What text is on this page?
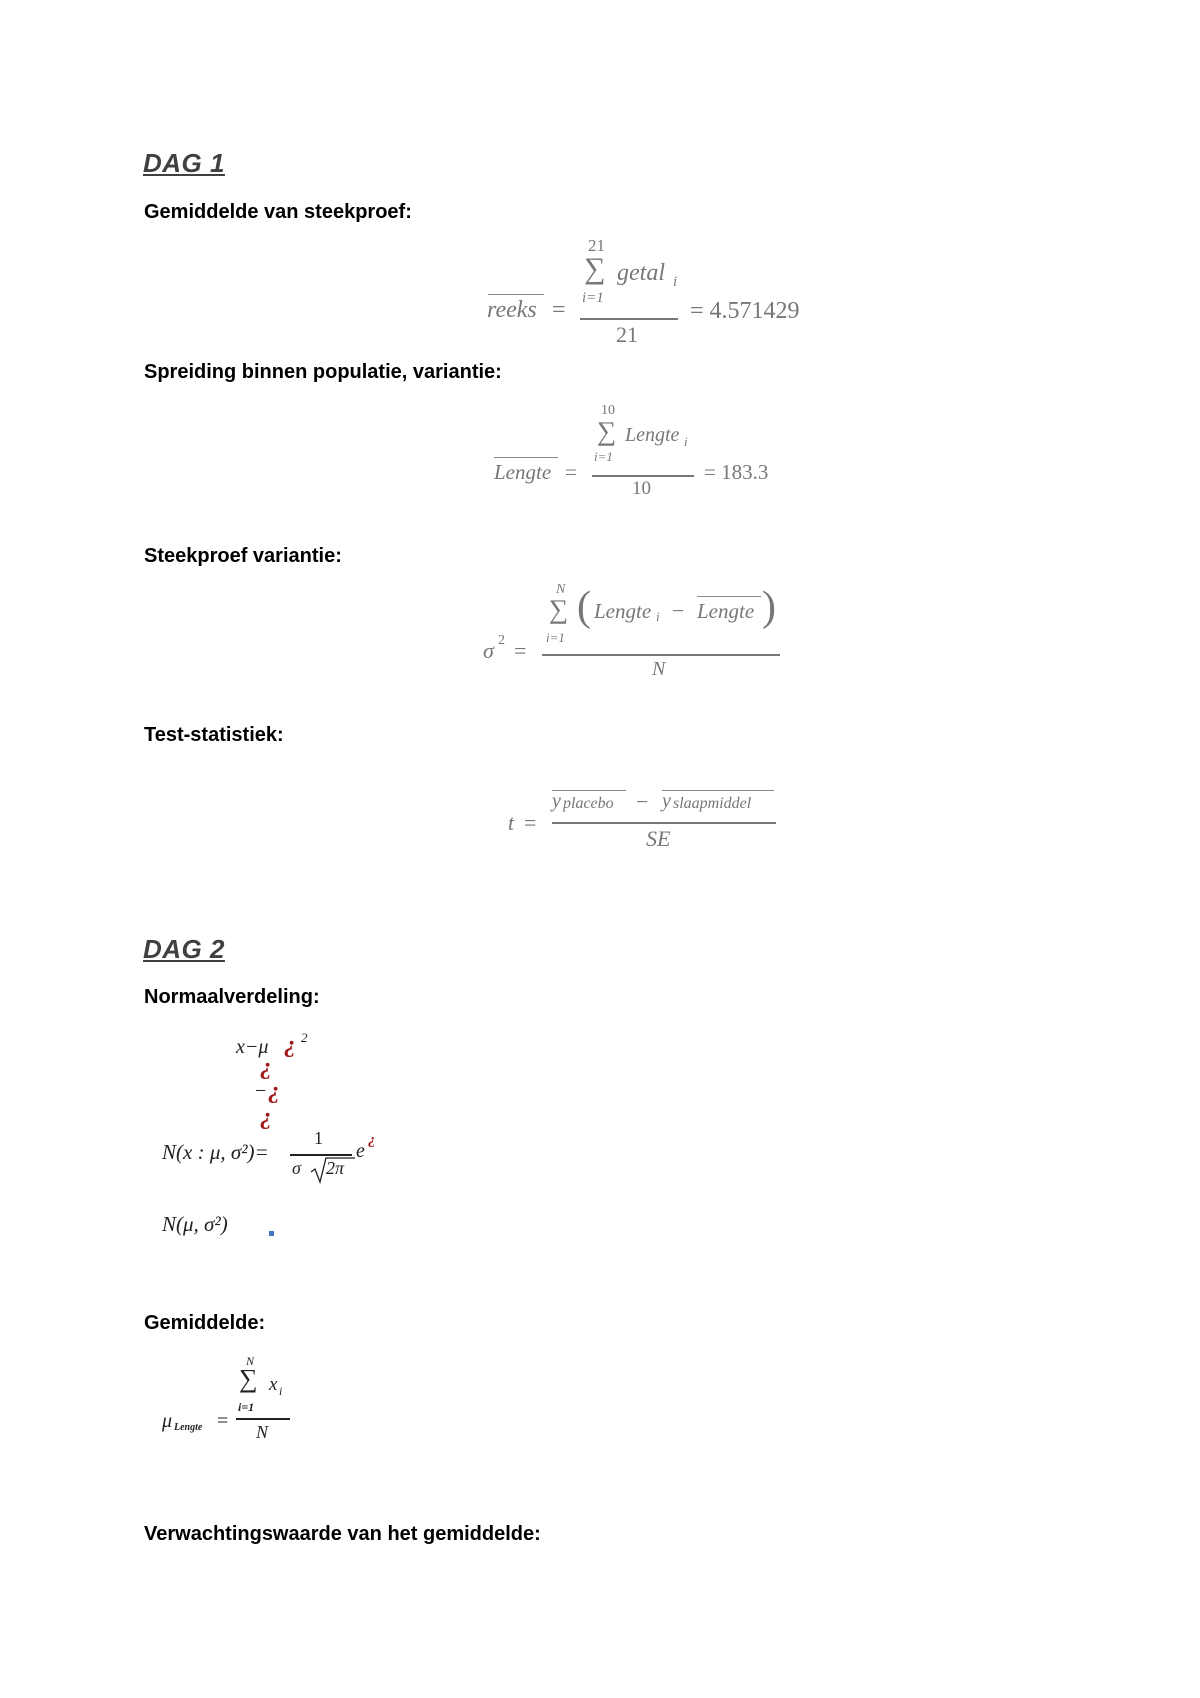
DAG 1
Gemiddelde van steekproef:
reeks =
21
∑ getal i
i=1
21
= 4.571429
Spreiding binnen populatie, variantie:
Lengte =
10
∑ Lengte i
i=1
10
= 183.3
Steekproef variantie:
σ 2 =
N
∑
i=1
( Lengte i − Lengte )
N
Test-statistiek:
t =
y placebo − y slaapmiddel
SE
DAG 2
Normaalverdeling:
x−μ ¿ 2
¿
− ¿
¿
N(x : μ, σ²)=
1
σ 2π
e ¿
N(μ, σ²)
Gemiddelde:
μ Lengte =
N
∑ x i
i=1
N
Verwachtingswaarde van het gemiddelde:
